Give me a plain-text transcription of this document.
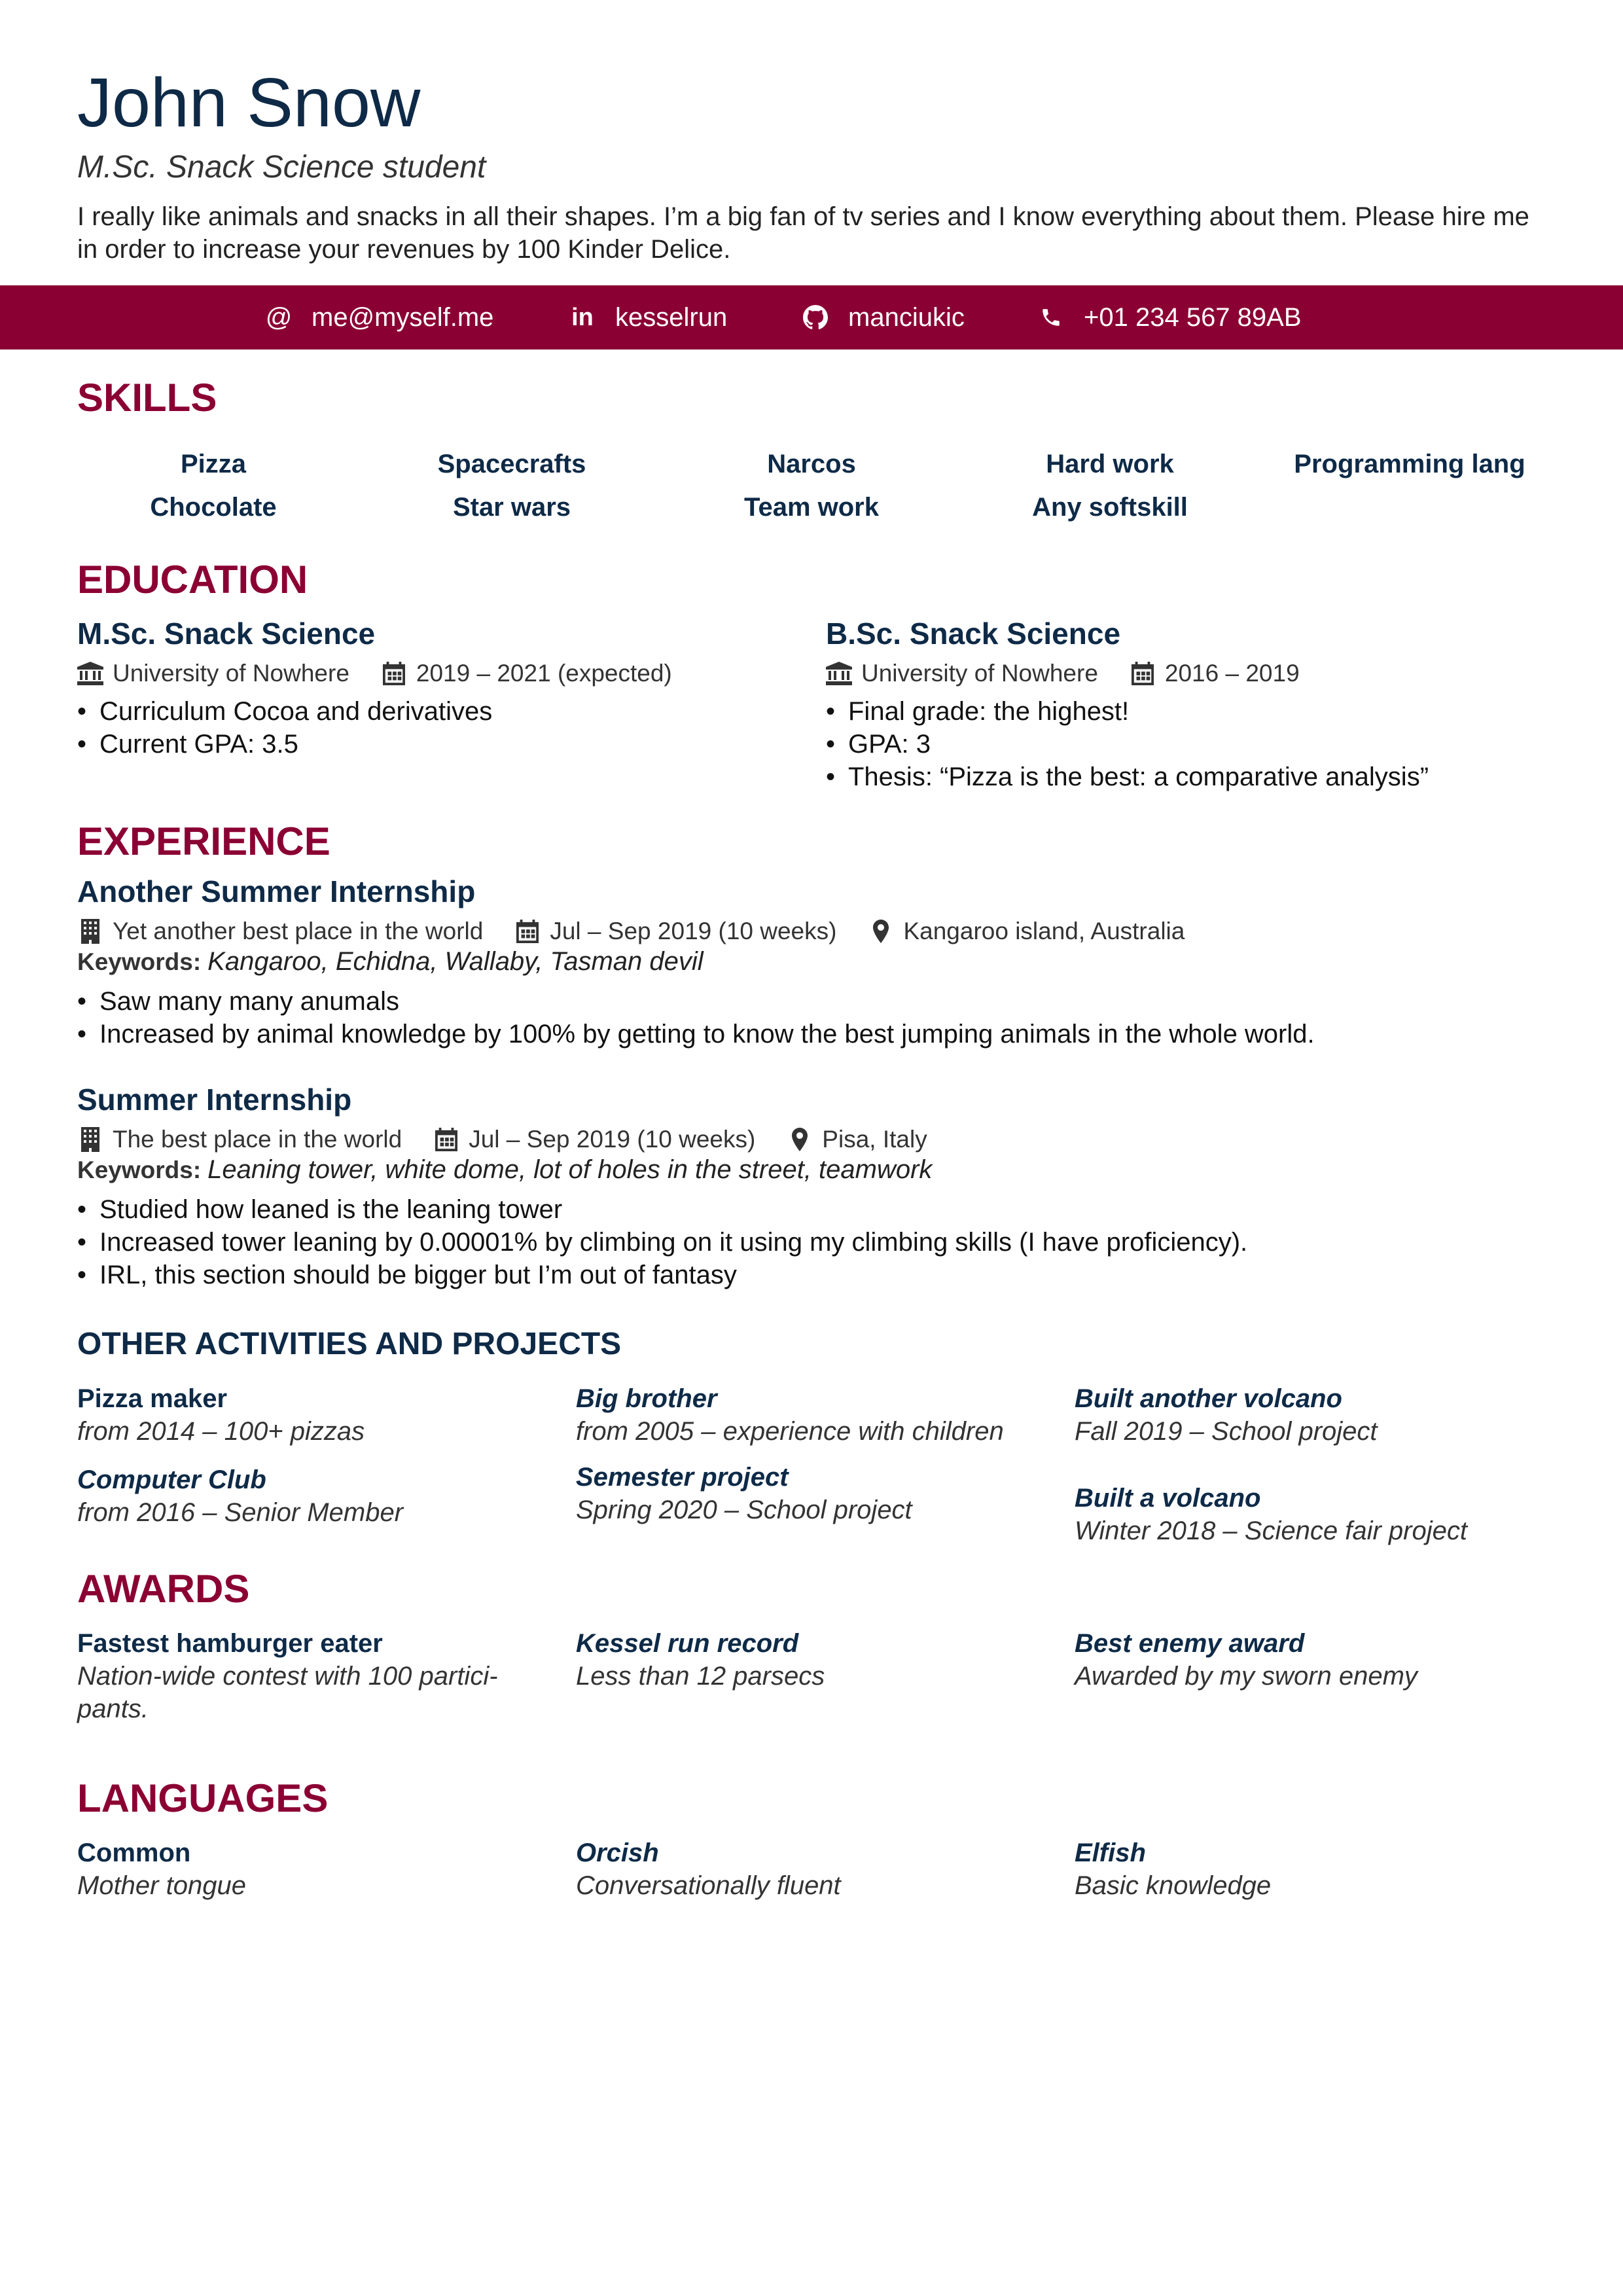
John Snow
M.Sc. Snack Science student
I really like animals and snacks in all their shapes. I’m a big fan of tv series and I know everything about them. Please hire me in order to increase your revenues by 100 Kinder Delice.
@ me@myself.me	in kesselrun	manciukic	+01 234 567 89AB
SKILLS
Pizza	Spacecrafts	Narcos	Hard work	Programming lang
Chocolate	Star wars	Team work	Any softskill
EDUCATION
M.Sc. Snack Science
University of Nowhere	2019 – 2021 (expected)
• Curriculum Cocoa and derivatives
• Current GPA: 3.5
B.Sc. Snack Science
University of Nowhere	2016 – 2019
• Final grade: the highest!
• GPA: 3
• Thesis: “Pizza is the best: a comparative analysis”
EXPERIENCE
Another Summer Internship
Yet another best place in the world	Jul – Sep 2019 (10 weeks)	Kangaroo island, Australia
Keywords: Kangaroo, Echidna, Wallaby, Tasman devil
• Saw many many anumals
• Increased by animal knowledge by 100% by getting to know the best jumping animals in the whole world.
Summer Internship
The best place in the world	Jul – Sep 2019 (10 weeks)	Pisa, Italy
Keywords: Leaning tower, white dome, lot of holes in the street, teamwork
• Studied how leaned is the leaning tower
• Increased tower leaning by 0.00001% by climbing on it using my climbing skills (I have proficiency).
• IRL, this section should be bigger but I’m out of fantasy
OTHER ACTIVITIES AND PROJECTS
Pizza maker
from 2014 – 100+ pizzas
Computer Club
from 2016 – Senior Member
Big brother
from 2005 – experience with children
Semester project
Spring 2020 – School project
Built another volcano
Fall 2019 – School project
Built a volcano
Winter 2018 – Science fair project
AWARDS
Fastest hamburger eater
Nation-wide contest with 100 partici-
pants.
Kessel run record
Less than 12 parsecs
Best enemy award
Awarded by my sworn enemy
LANGUAGES
Common
Mother tongue
Orcish
Conversationally fluent
Elfish
Basic knowledge
